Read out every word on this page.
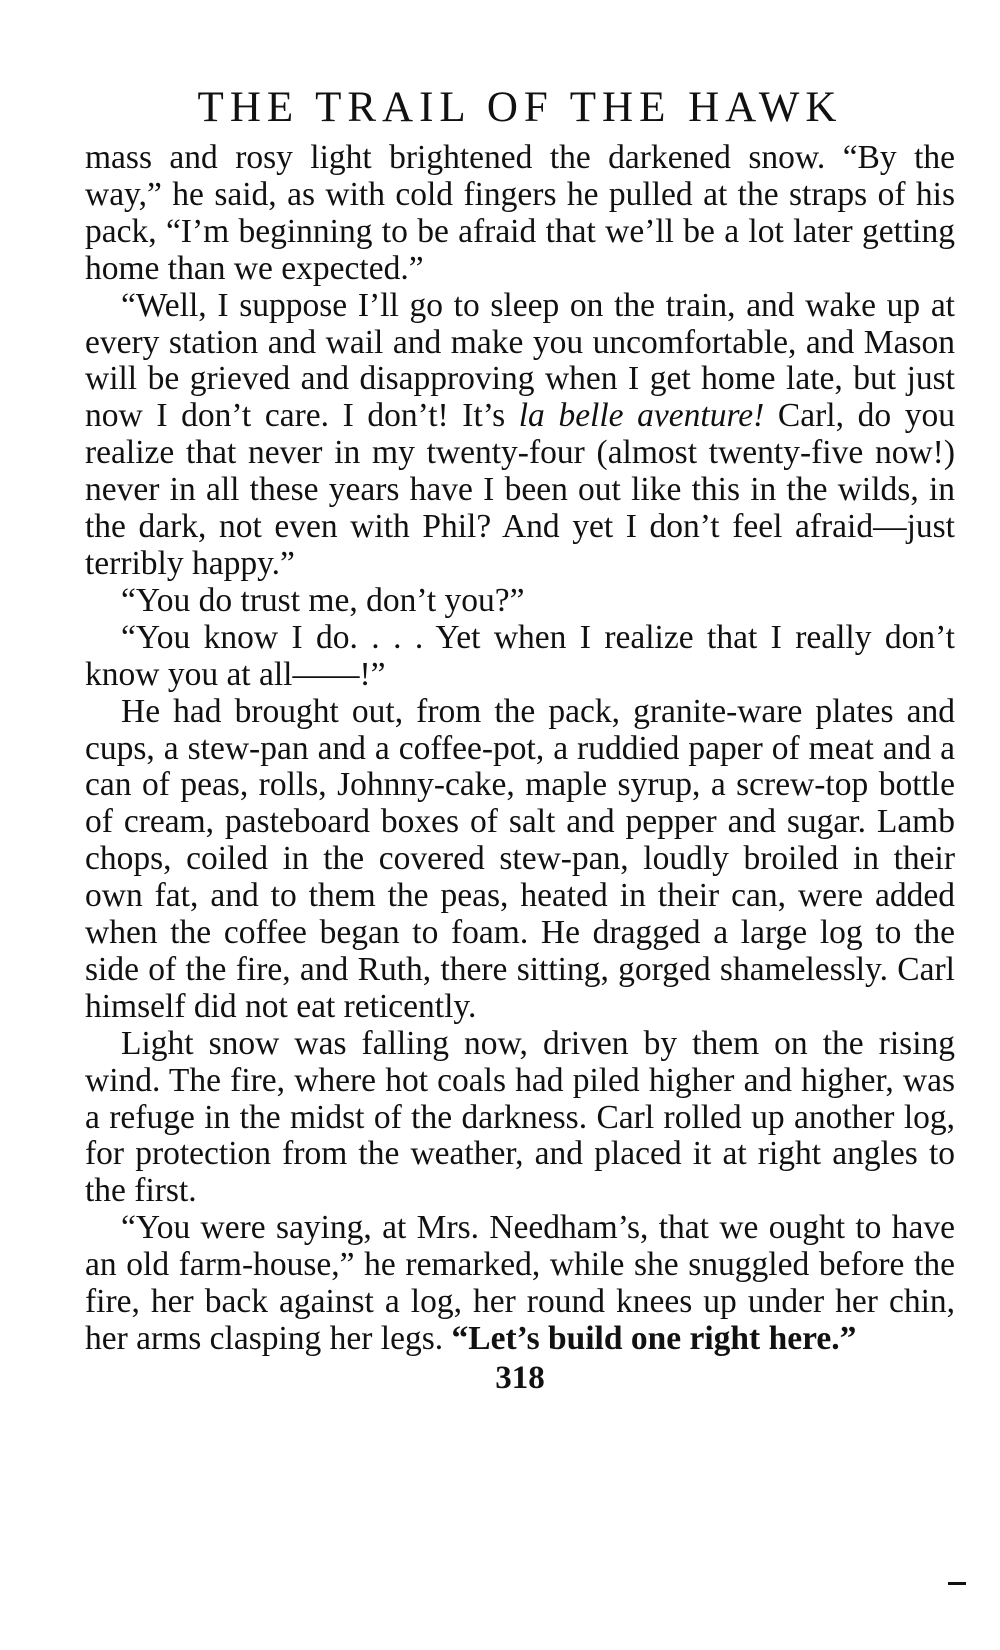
THE TRAIL OF THE HAWK

mass and rosy light brightened the darkened snow. “By the way,” he said, as with cold fingers he pulled at the straps of his pack, “I’m beginning to be afraid that we’ll be a lot later getting home than we expected.”

“Well, I suppose I’ll go to sleep on the train, and wake up at every station and wail and make you uncomfortable, and Mason will be grieved and disapproving when I get home late, but just now I don’t care. I don’t! It’s la belle aventure! Carl, do you realize that never in my twenty-four (almost twenty-five now!) never in all these years have I been out like this in the wilds, in the dark, not even with Phil? And yet I don’t feel afraid—just terribly happy.”

“You do trust me, don’t you?”

“You know I do. . . . Yet when I realize that I really don’t know you at all——!”

He had brought out, from the pack, granite-ware plates and cups, a stew-pan and a coffee-pot, a ruddied paper of meat and a can of peas, rolls, Johnny-cake, maple syrup, a screw-top bottle of cream, pasteboard boxes of salt and pepper and sugar. Lamb chops, coiled in the covered stew-pan, loudly broiled in their own fat, and to them the peas, heated in their can, were added when the coffee began to foam. He dragged a large log to the side of the fire, and Ruth, there sitting, gorged shamelessly. Carl himself did not eat reticently.

Light snow was falling now, driven by them on the rising wind. The fire, where hot coals had piled higher and higher, was a refuge in the midst of the darkness. Carl rolled up another log, for protection from the weather, and placed it at right angles to the first.

“You were saying, at Mrs. Needham’s, that we ought to have an old farm-house,” he remarked, while she snuggled before the fire, her back against a log, her round knees up under her chin, her arms clasping her legs. “Let’s build one right here.”

318
